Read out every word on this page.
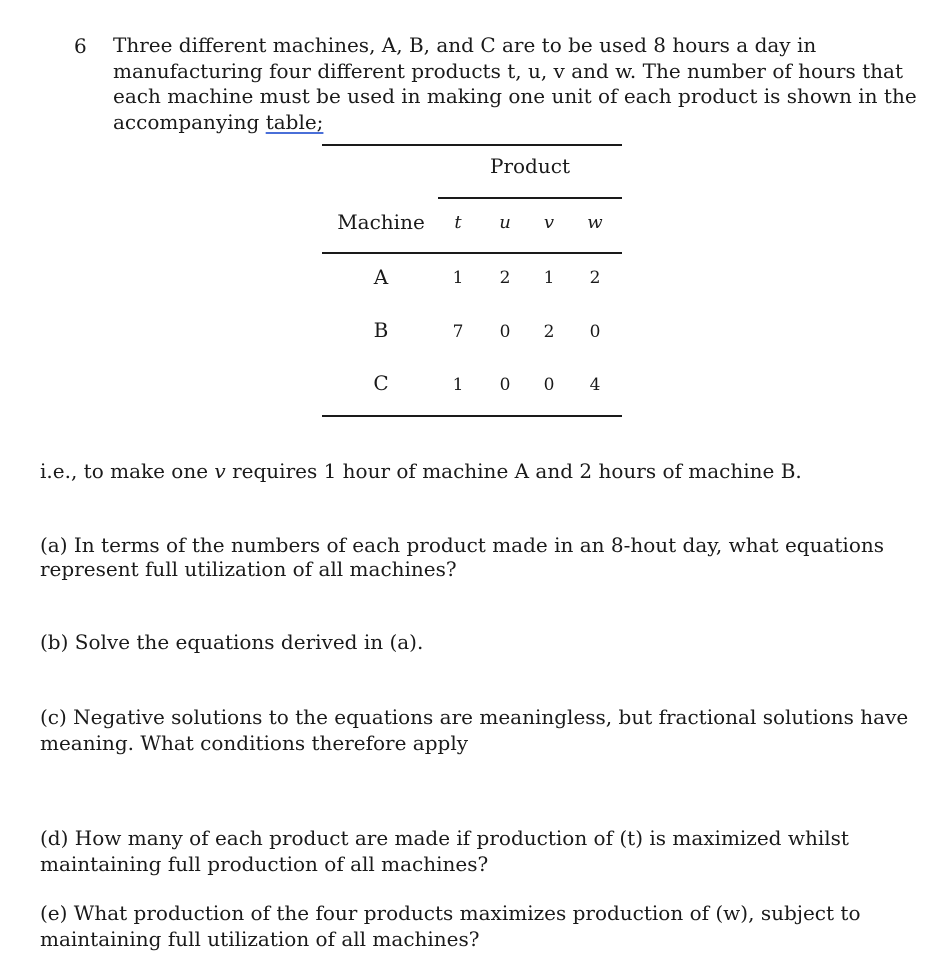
6 Three different machines, A, B, and C are to be used 8 hours a day in
manufacturing four different products t, u, v and w. The number of hours that
each machine must be used in making one unit of each product is shown in the
accompanying table;
Product
Machine	t	u	v	w
A	1	2	1	2
B	7	0	2	0
C	1	0	0	4
i.e., to make one v requires 1 hour of machine A and 2 hours of machine B.
(a) In terms of the numbers of each product made in an 8-hout day, what equations
represent full utilization of all machines?
(b) Solve the equations derived in (a).
(c) Negative solutions to the equations are meaningless, but fractional solutions have
meaning. What conditions therefore apply
(d) How many of each product are made if production of (t) is maximized whilst
maintaining full production of all machines?
(e) What production of the four products maximizes production of (w), subject to
maintaining full utilization of all machines?
